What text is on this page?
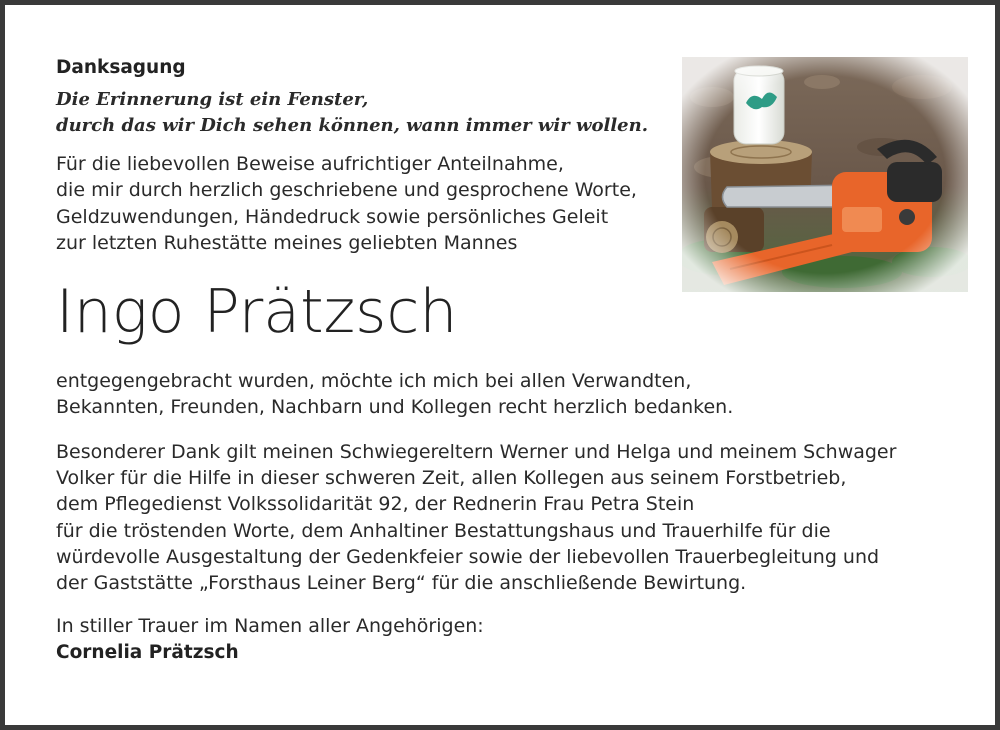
Danksagung
Die Erinnerung ist ein Fenster,
durch das wir Dich sehen können, wann immer wir wollen.
Für die liebevollen Beweise aufrichtiger Anteilnahme,
die mir durch herzlich geschriebene und gesprochene Worte,
Geldzuwendungen, Händedruck sowie persönliches Geleit
zur letzten Ruhestätte meines geliebten Mannes
Ingo Prätzsch
entgegengebracht wurden, möchte ich mich bei allen Verwandten,
Bekannten, Freunden, Nachbarn und Kollegen recht herzlich bedanken.
Besonderer Dank gilt meinen Schwiegereltern Werner und Helga und meinem Schwager
Volker für die Hilfe in dieser schweren Zeit, allen Kollegen aus seinem Forstbetrieb,
dem Pflegedienst Volkssolidarität 92, der Rednerin Frau Petra Stein
für die tröstenden Worte, dem Anhaltiner Bestattungshaus und Trauerhilfe für die
würdevolle Ausgestaltung der Gedenkfeier sowie der liebevollen Trauerbegleitung und
der Gaststätte „Forsthaus Leiner Berg“ für die anschließende Bewirtung.
In stiller Trauer im Namen aller Angehörigen:
Cornelia Prätzsch
